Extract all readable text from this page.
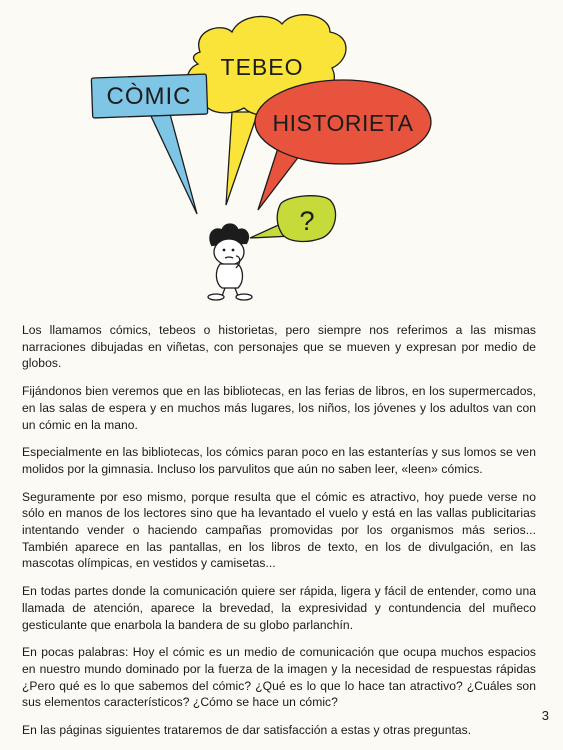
TEBEO
CÒMIC
HISTORIETA
?

Los llamamos cómics, tebeos o historietas, pero siempre nos referimos a las mismas narraciones dibujadas en viñetas, con personajes que se mueven y expresan por medio de globos.

Fijándonos bien veremos que en las bibliotecas, en las ferias de libros, en los supermercados, en las salas de espera y en muchos más lugares, los niños, los jóvenes y los adultos van con un cómic en la mano.

Especialmente en las bibliotecas, los cómics paran poco en las estanterías y sus lomos se ven molidos por la gimnasia. Incluso los parvulitos que aún no saben leer, «leen» cómics.

Seguramente por eso mismo, porque resulta que el cómic es atractivo, hoy puede verse no sólo en manos de los lectores sino que ha levantado el vuelo y está en las vallas publicitarias intentando vender o haciendo campañas promovidas por los organismos más serios... También aparece en las pantallas, en los libros de texto, en los de divulgación, en las mascotas olímpicas, en vestidos y camisetas...

En todas partes donde la comunicación quiere ser rápida, ligera y fácil de entender, como una llamada de atención, aparece la brevedad, la expresividad y contundencia del muñeco gesticulante que enarbola la bandera de su globo parlanchín.

En pocas palabras: Hoy el cómic es un medio de comunicación que ocupa muchos espacios en nuestro mundo dominado por la fuerza de la imagen y la necesidad de respuestas rápidas ¿Pero qué es lo que sabemos del cómic? ¿Qué es lo que lo hace tan atractivo? ¿Cuáles son sus elementos característicos? ¿Cómo se hace un cómic?

En las páginas siguientes trataremos de dar satisfacción a estas y otras preguntas.

3
